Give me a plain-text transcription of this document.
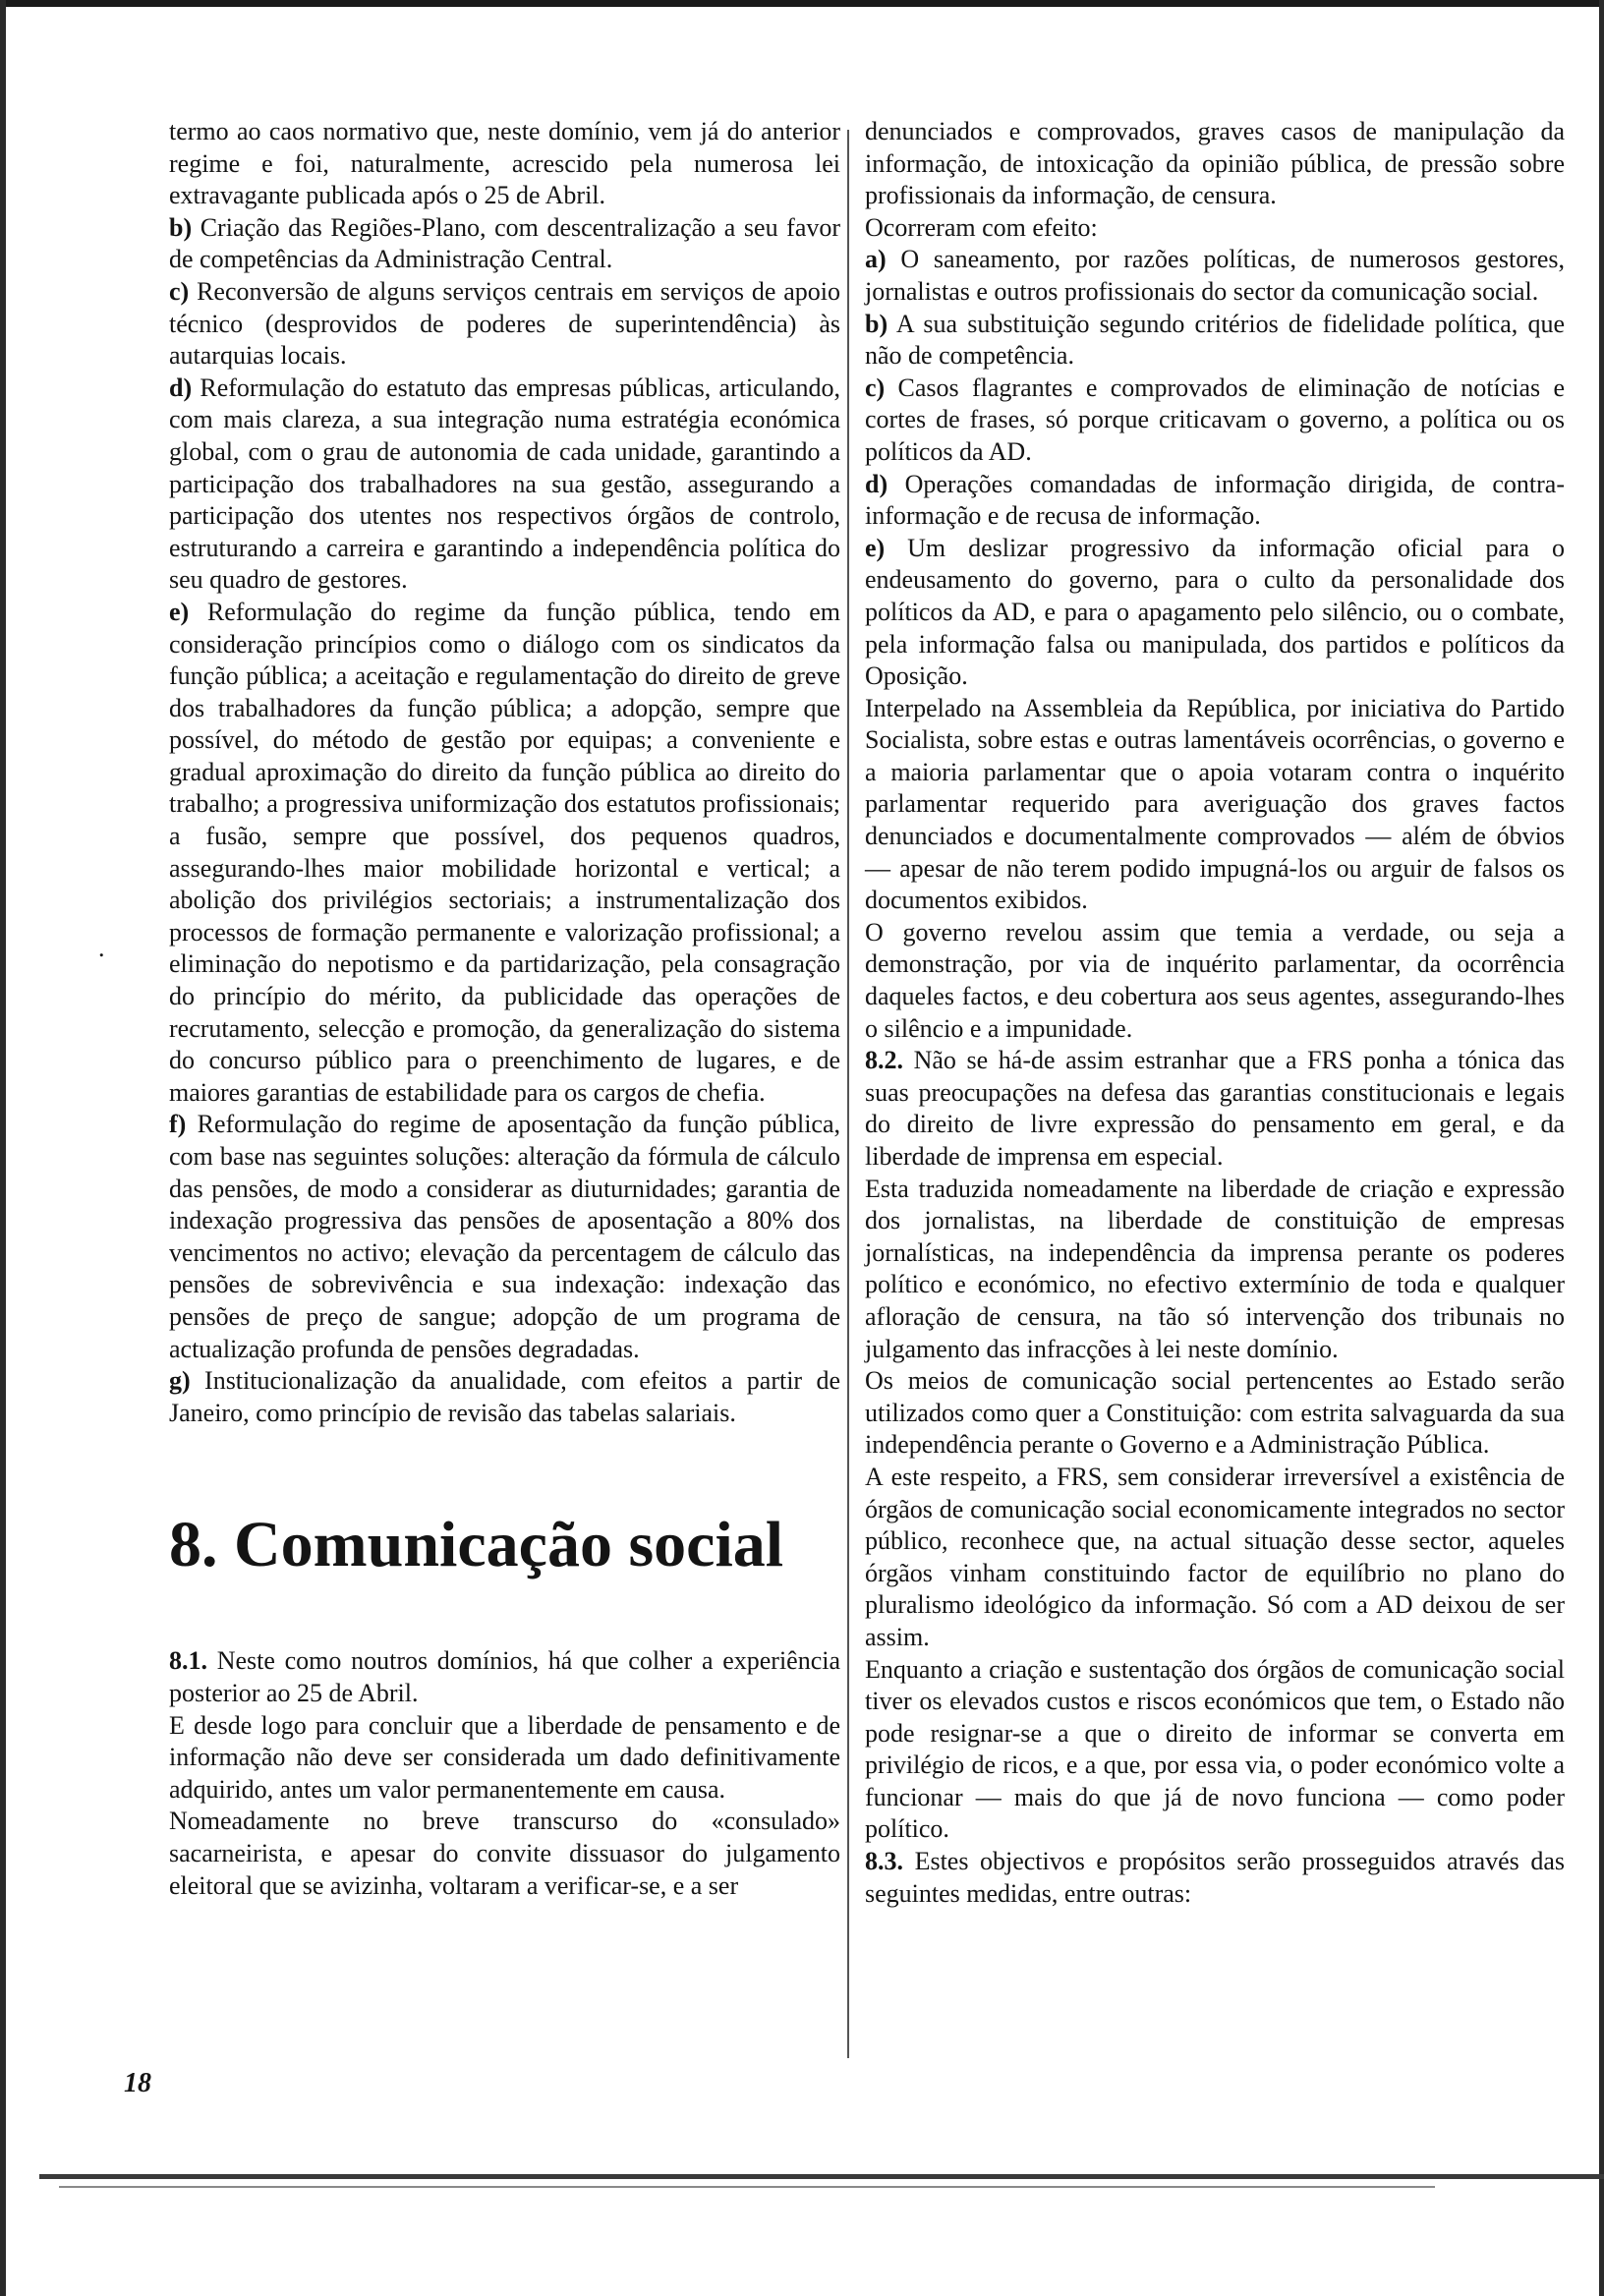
.

termo ao caos normativo que, neste domínio, vem já do anterior regime e foi, naturalmente, acrescido pela numerosa lei extravagante publicada após o 25 de Abril.

b) Criação das Regiões-Plano, com descentralização a seu favor de competências da Administração Central.

c) Reconversão de alguns serviços centrais em serviços de apoio técnico (desprovidos de poderes de superintendência) às autarquias locais.

d) Reformulação do estatuto das empresas públicas, articulando, com mais clareza, a sua integração numa estratégia económica global, com o grau de autonomia de cada unidade, garantindo a participação dos trabalhadores na sua gestão, assegurando a participação dos utentes nos respectivos órgãos de controlo, estruturando a carreira e garantindo a independência política do seu quadro de gestores.

e) Reformulação do regime da função pública, tendo em consideração princípios como o diálogo com os sindicatos da função pública; a aceitação e regulamentação do direito de greve dos trabalhadores da função pública; a adopção, sempre que possível, do método de gestão por equipas; a conveniente e gradual aproximação do direito da função pública ao direito do trabalho; a progressiva uniformização dos estatutos profissionais; a fusão, sempre que possível, dos pequenos quadros, assegurando-lhes maior mobilidade horizontal e vertical; a abolição dos privilégios sectoriais; a instrumentalização dos processos de formação permanente e valorização profissional; a eliminação do nepotismo e da partidarização, pela consagração do princípio do mérito, da publicidade das operações de recrutamento, selecção e promoção, da generalização do sistema do concurso público para o preenchimento de lugares, e de maiores garantias de estabilidade para os cargos de chefia.

f) Reformulação do regime de aposentação da função pública, com base nas seguintes soluções: alteração da fórmula de cálculo das pensões, de modo a considerar as diuturnidades; garantia de indexação progressiva das pensões de aposentação a 80% dos vencimentos no activo; elevação da percentagem de cálculo das pensões de sobrevivência e sua indexação: indexação das pensões de preço de sangue; adopção de um programa de actualização profunda de pensões degradadas.

g) Institucionalização da anualidade, com efeitos a partir de Janeiro, como princípio de revisão das tabelas salariais.

8. Comunicação social

8.1. Neste como noutros domínios, há que colher a experiência posterior ao 25 de Abril.

E desde logo para concluir que a liberdade de pensamento e de informação não deve ser considerada um dado definitivamente adquirido, antes um valor permanentemente em causa.

Nomeadamente no breve transcurso do «consulado» sacarneirista, e apesar do convite dissuasor do julgamento eleitoral que se avizinha, voltaram a verificar-se, e a ser

denunciados e comprovados, graves casos de manipulação da informação, de intoxicação da opinião pública, de pressão sobre profissionais da informação, de censura.

Ocorreram com efeito:

a) O saneamento, por razões políticas, de numerosos gestores, jornalistas e outros profissionais do sector da comunicação social.

b) A sua substituição segundo critérios de fidelidade política, que não de competência.

c) Casos flagrantes e comprovados de eliminação de notícias e cortes de frases, só porque criticavam o governo, a política ou os políticos da AD.

d) Operações comandadas de informação dirigida, de contra-informação e de recusa de informação.

e) Um deslizar progressivo da informação oficial para o endeusamento do governo, para o culto da personalidade dos políticos da AD, e para o apagamento pelo silêncio, ou o combate, pela informação falsa ou manipulada, dos partidos e políticos da Oposição.

Interpelado na Assembleia da República, por iniciativa do Partido Socialista, sobre estas e outras lamentáveis ocorrências, o governo e a maioria parlamentar que o apoia votaram contra o inquérito parlamentar requerido para averiguação dos graves factos denunciados e documentalmente comprovados — além de óbvios — apesar de não terem podido impugná-los ou arguir de falsos os documentos exibidos.

O governo revelou assim que temia a verdade, ou seja a demonstração, por via de inquérito parlamentar, da ocorrência daqueles factos, e deu cobertura aos seus agentes, assegurando-lhes o silêncio e a impunidade.

8.2. Não se há-de assim estranhar que a FRS ponha a tónica das suas preocupações na defesa das garantias constitucionais e legais do direito de livre expressão do pensamento em geral, e da liberdade de imprensa em especial.

Esta traduzida nomeadamente na liberdade de criação e expressão dos jornalistas, na liberdade de constituição de empresas jornalísticas, na independência da imprensa perante os poderes político e económico, no efectivo extermínio de toda e qualquer afloração de censura, na tão só intervenção dos tribunais no julgamento das infracções à lei neste domínio.

Os meios de comunicação social pertencentes ao Estado serão utilizados como quer a Constituição: com estrita salvaguarda da sua independência perante o Governo e a Administração Pública.

A este respeito, a FRS, sem considerar irreversível a existência de órgãos de comunicação social economicamente integrados no sector público, reconhece que, na actual situação desse sector, aqueles órgãos vinham constituindo factor de equilíbrio no plano do pluralismo ideológico da informação. Só com a AD deixou de ser assim.

Enquanto a criação e sustentação dos órgãos de comunicação social tiver os elevados custos e riscos económicos que tem, o Estado não pode resignar-se a que o direito de informar se converta em privilégio de ricos, e a que, por essa via, o poder económico volte a funcionar — mais do que já de novo funciona — como poder político.

8.3. Estes objectivos e propósitos serão prosseguidos através das seguintes medidas, entre outras:

18
